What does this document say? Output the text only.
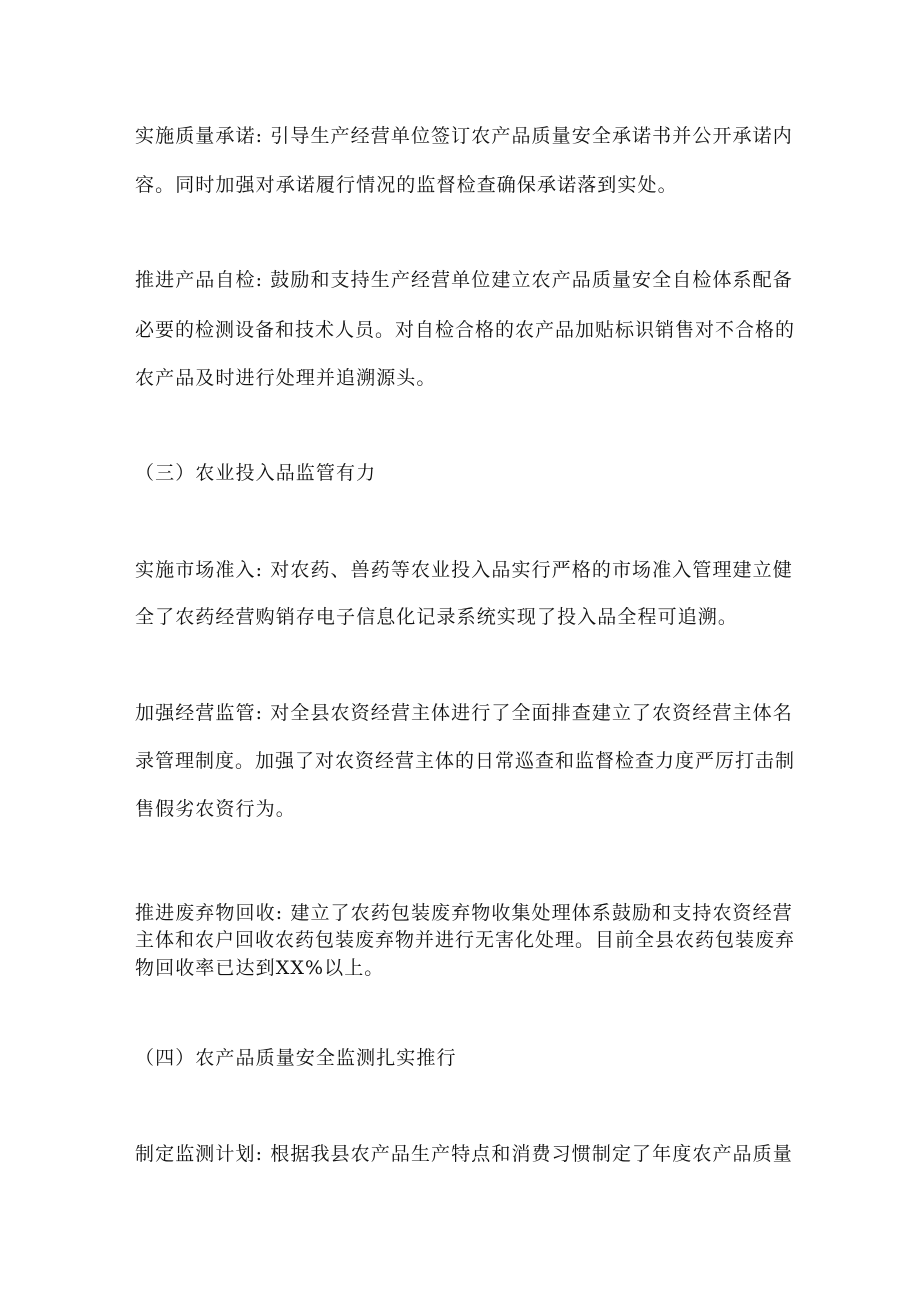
实施质量承诺: 引导生产经营单位签订农产品质量安全承诺书并公开承诺内
容。同时加强对承诺履行情况的监督检查确保承诺落到实处。
推进产品自检: 鼓励和支持生产经营单位建立农产品质量安全自检体系配备
必要的检测设备和技术人员。对自检合格的农产品加贴标识销售对不合格的
农产品及时进行处理并追溯源头。
（三）农业投入品监管有力
实施市场准入: 对农药、兽药等农业投入品实行严格的市场准入管理建立健
全了农药经营购销存电子信息化记录系统实现了投入品全程可追溯。
加强经营监管: 对全县农资经营主体进行了全面排查建立了农资经营主体名
录管理制度。加强了对农资经营主体的日常巡查和监督检查力度严厉打击制
售假劣农资行为。
推进废弃物回收: 建立了农药包装废弃物收集处理体系鼓励和支持农资经营
主体和农户回收农药包装废弃物并进行无害化处理。目前全县农药包装废弃
物回收率已达到XX%以上。
（四）农产品质量安全监测扎实推行
制定监测计划: 根据我县农产品生产特点和消费习惯制定了年度农产品质量
